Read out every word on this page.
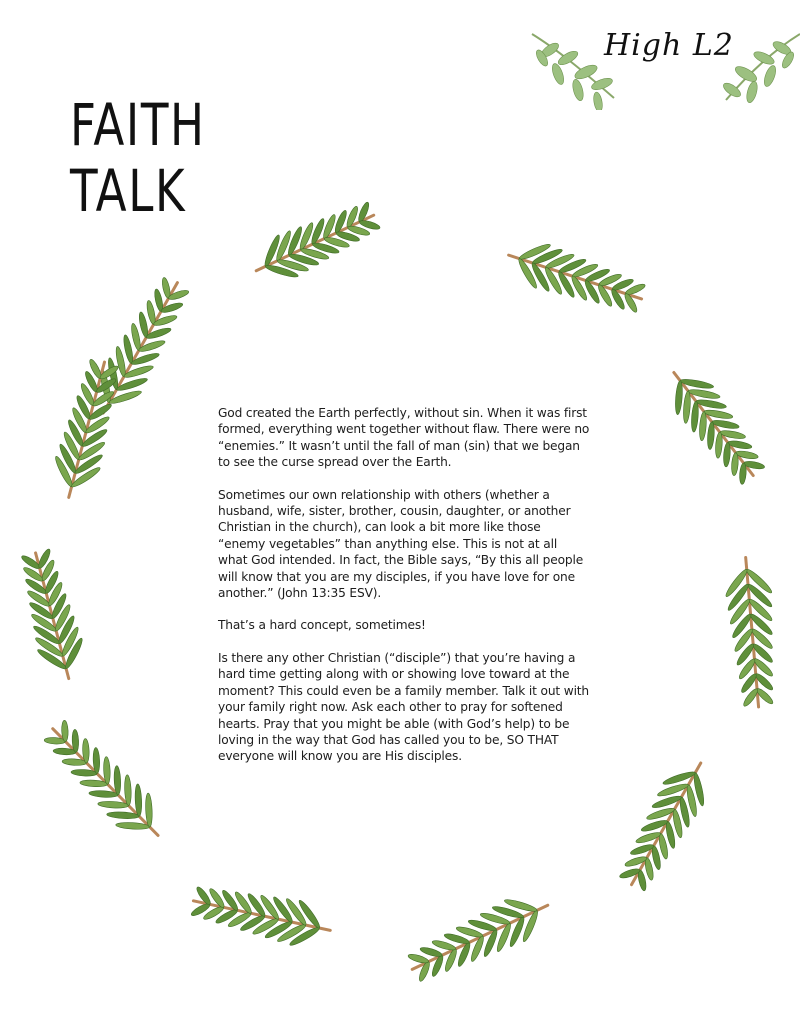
High L2
FAITH
TALK

God created the Earth perfectly, without sin. When it was first formed, everything went together without flaw. There were no “enemies.” It wasn’t until the fall of man (sin) that we began to see the curse spread over the Earth.

Sometimes our own relationship with others (whether a husband, wife, sister, brother, cousin, daughter, or another Christian in the church), can look a bit more like those “enemy vegetables” than anything else. This is not at all what God intended. In fact, the Bible says, “By this all people will know that you are my disciples, if you have love for one another.” (John 13:35 ESV).

That’s a hard concept, sometimes!

Is there any other Christian (“disciple”) that you’re having a hard time getting along with or showing love toward at the moment? This could even be a family member. Talk it out with your family right now. Ask each other to pray for softened hearts. Pray that you might be able (with God’s help) to be loving in the way that God has called you to be, SO THAT everyone will know you are His disciples.
